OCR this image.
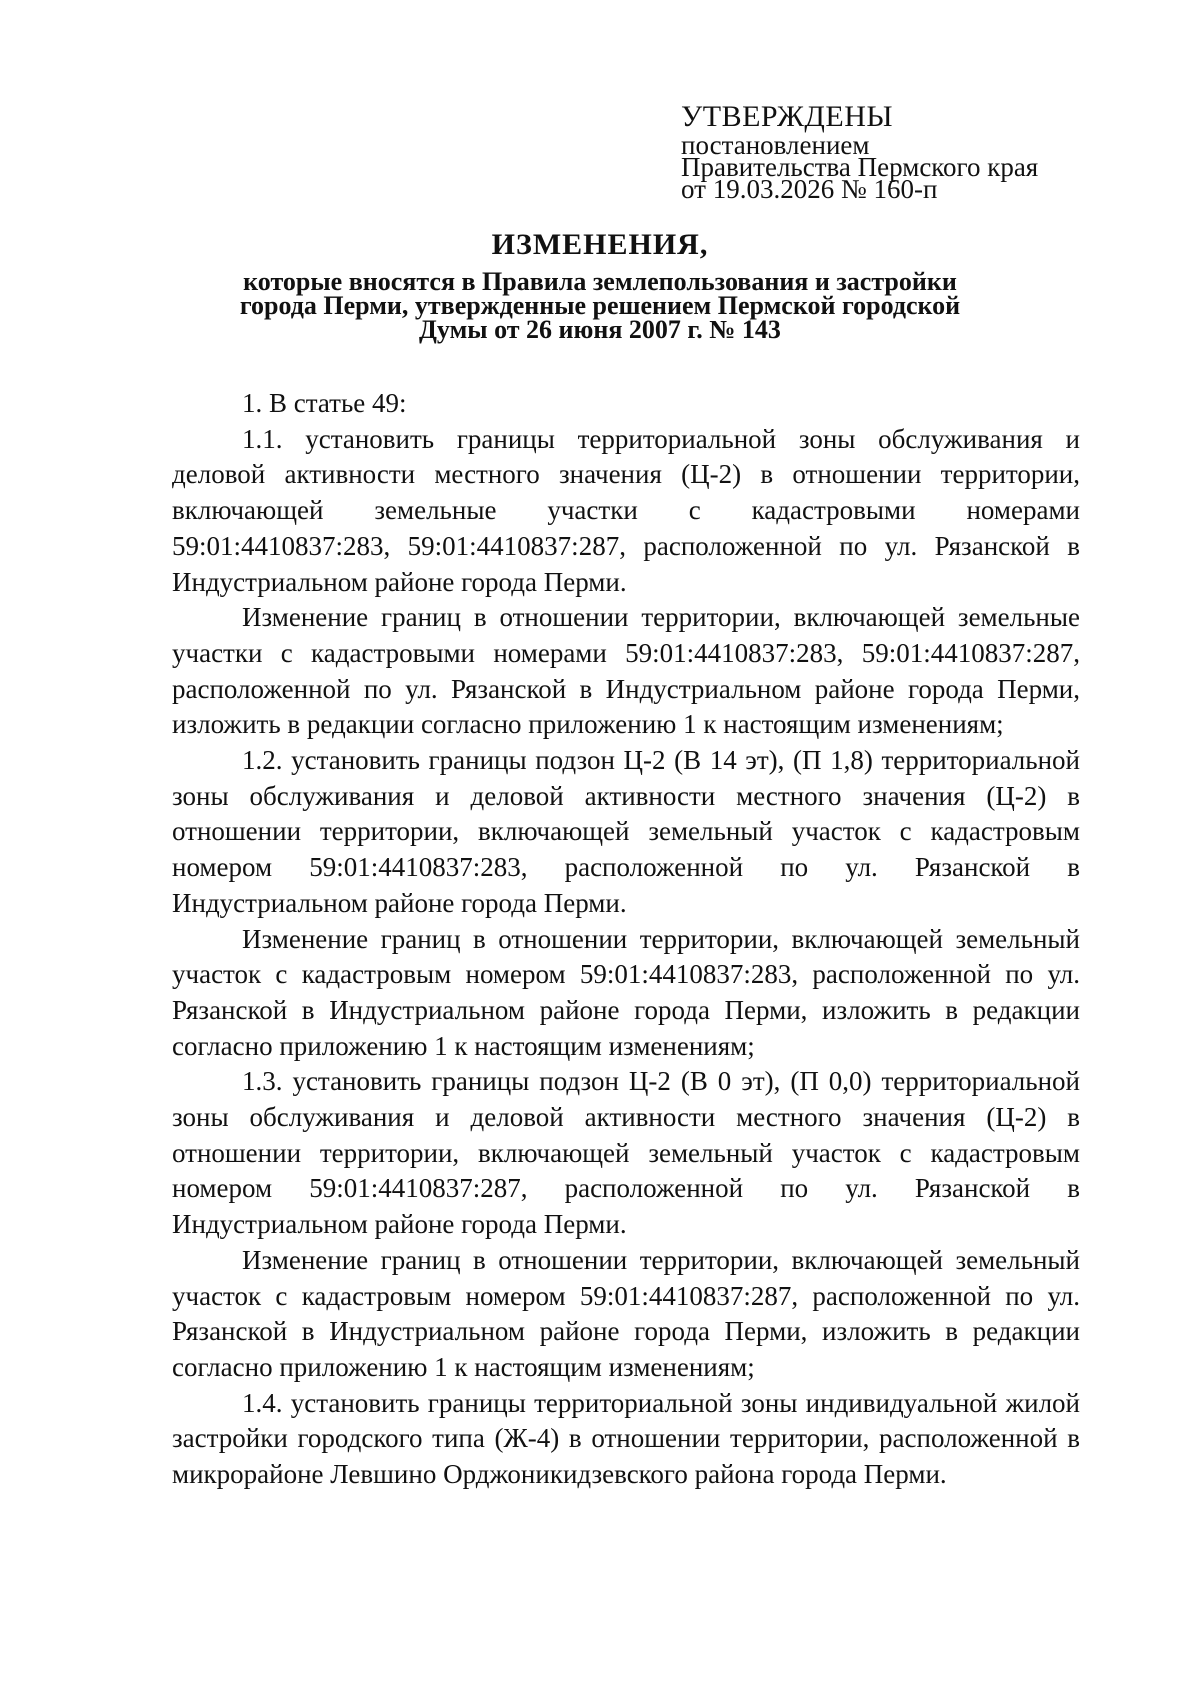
УТВЕРЖДЕНЫ
постановлением
Правительства Пермского края
от 19.03.2026 № 160-п
ИЗМЕНЕНИЯ,
которые вносятся в Правила землепользования и застройки
города Перми, утвержденные решением Пермской городской
Думы от 26 июня 2007 г. № 143

1. В статье 49:

1.1. установить границы территориальной зоны обслуживания и деловой активности местного значения (Ц-2) в отношении территории, включающей земельные участки с кадастровыми номерами 59:01:4410837:283, 59:01:4410837:287, расположенной по ул. Рязанской в Индустриальном районе города Перми.

Изменение границ в отношении территории, включающей земельные участки с кадастровыми номерами 59:01:4410837:283, 59:01:4410837:287, расположенной по ул. Рязанской в Индустриальном районе города Перми, изложить в редакции согласно приложению 1 к настоящим изменениям;

1.2. установить границы подзон Ц-2 (В 14 эт), (П 1,8) территориальной зоны обслуживания и деловой активности местного значения (Ц-2) в отношении территории, включающей земельный участок с кадастровым номером 59:01:4410837:283, расположенной по ул. Рязанской в Индустриальном районе города Перми.

Изменение границ в отношении территории, включающей земельный участок с кадастровым номером 59:01:4410837:283, расположенной по ул. Рязанской в Индустриальном районе города Перми, изложить в редакции согласно приложению 1 к настоящим изменениям;

1.3. установить границы подзон Ц-2 (В 0 эт), (П 0,0) территориальной зоны обслуживания и деловой активности местного значения (Ц-2) в отношении территории, включающей земельный участок с кадастровым номером 59:01:4410837:287, расположенной по ул. Рязанской в Индустриальном районе города Перми.

Изменение границ в отношении территории, включающей земельный участок с кадастровым номером 59:01:4410837:287, расположенной по ул. Рязанской в Индустриальном районе города Перми, изложить в редакции согласно приложению 1 к настоящим изменениям;

1.4. установить границы территориальной зоны индивидуальной жилой застройки городского типа (Ж-4) в отношении территории, расположенной в микрорайоне Левшино Орджоникидзевского района города Перми.
